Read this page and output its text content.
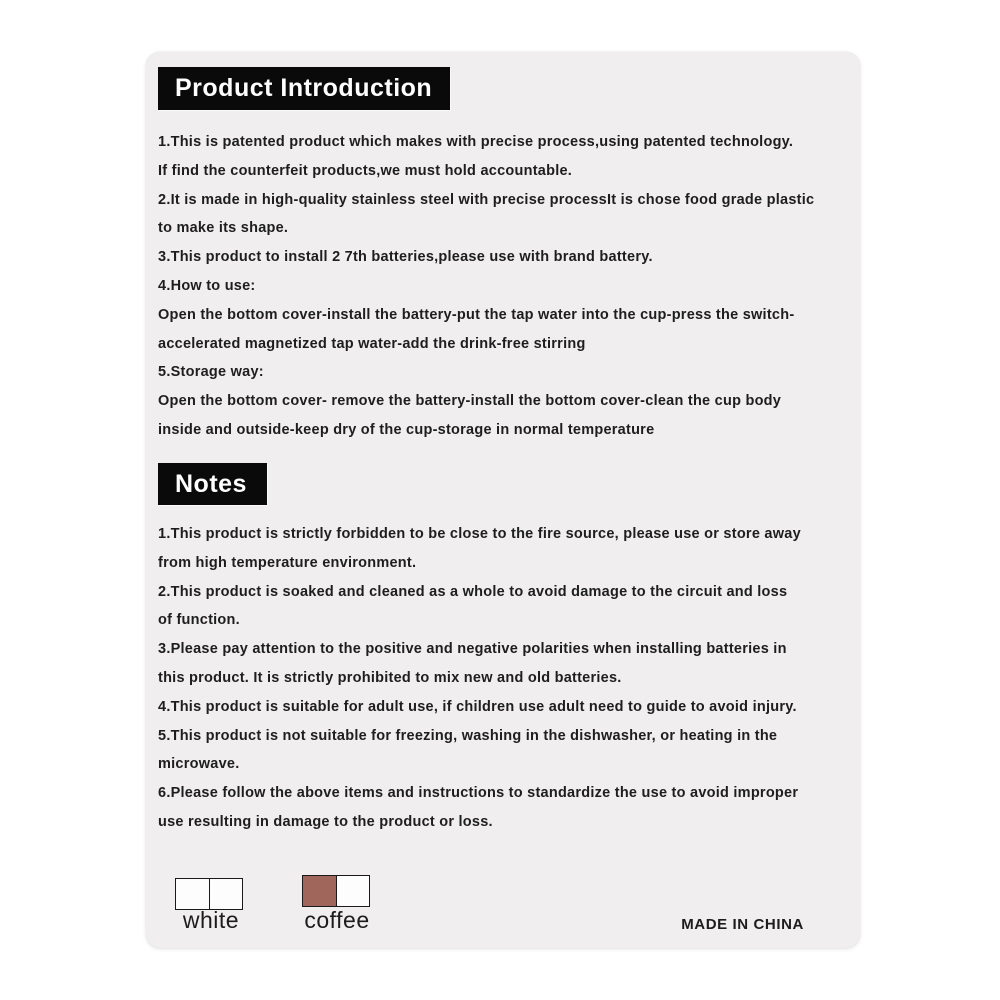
Product Introduction
1.This is patented product which makes with precise process,using patented technology.
If find the counterfeit products,we must hold accountable.
2.It is made in high-quality stainless steel with precise processIt is chose food grade plastic
to make its shape.
3.This product to install 2 7th batteries,please use with brand battery.
4.How to use:
Open the bottom cover-install the battery-put the tap water into the cup-press the switch-
accelerated magnetized tap water-add the drink-free stirring
5.Storage way:
Open the bottom cover- remove the battery-install the bottom cover-clean the cup body
inside and outside-keep dry of the cup-storage in normal temperature
Notes
1.This product is strictly forbidden to be close to the fire source, please use or store away
from high temperature environment.
2.This product is soaked and cleaned as a whole to avoid damage to the circuit and loss
of function.
3.Please pay attention to the positive and negative polarities when installing batteries in
this product. It is strictly prohibited to mix new and old batteries.
4.This product is suitable for adult use, if children use adult need to guide to avoid injury.
5.This product is not suitable for freezing, washing in the dishwasher, or heating in the
microwave.
6.Please follow the above items and instructions to standardize the use to avoid improper
use resulting in damage to the product or loss.
white	coffee	MADE IN CHINA
